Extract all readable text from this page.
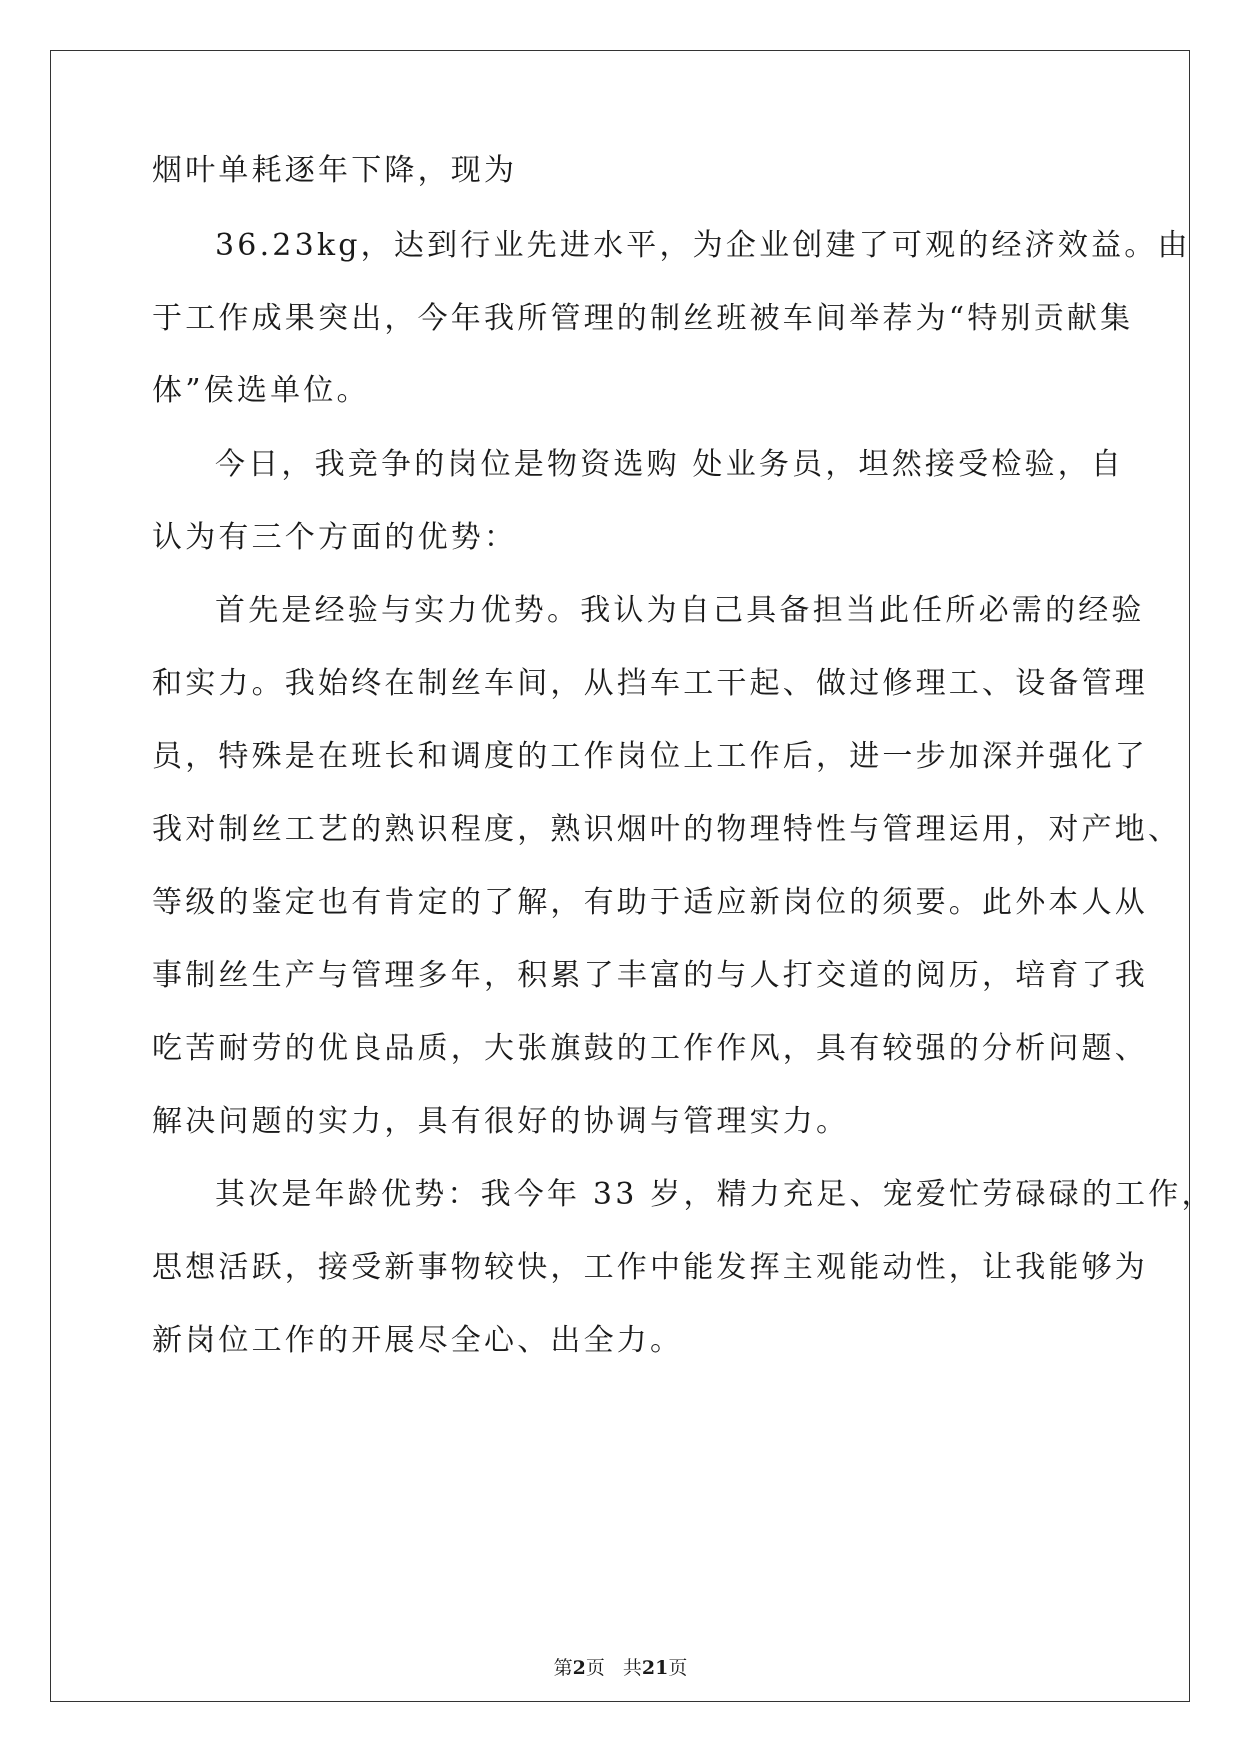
烟叶单耗逐年下降，现为
36.23kg，达到行业先进水平，为企业创建了可观的经济效益。由
于工作成果突出，今年我所管理的制丝班被车间举荐为“特别贡献集
体”侯选单位。
今日，我竞争的岗位是物资选购 处业务员，坦然接受检验，自
认为有三个方面的优势：
首先是经验与实力优势。我认为自己具备担当此任所必需的经验
和实力。我始终在制丝车间，从挡车工干起、做过修理工、设备管理
员，特殊是在班长和调度的工作岗位上工作后，进一步加深并强化了
我对制丝工艺的熟识程度，熟识烟叶的物理特性与管理运用，对产地、
等级的鉴定也有肯定的了解，有助于适应新岗位的须要。此外本人从
事制丝生产与管理多年，积累了丰富的与人打交道的阅历，培育了我
吃苦耐劳的优良品质，大张旗鼓的工作作风，具有较强的分析问题、
解决问题的实力，具有很好的协调与管理实力。
其次是年龄优势：我今年 33 岁，精力充足、宠爱忙劳碌碌的工作，
思想活跃，接受新事物较快，工作中能发挥主观能动性，让我能够为
新岗位工作的开展尽全心、出全力。
第2页 共21页
